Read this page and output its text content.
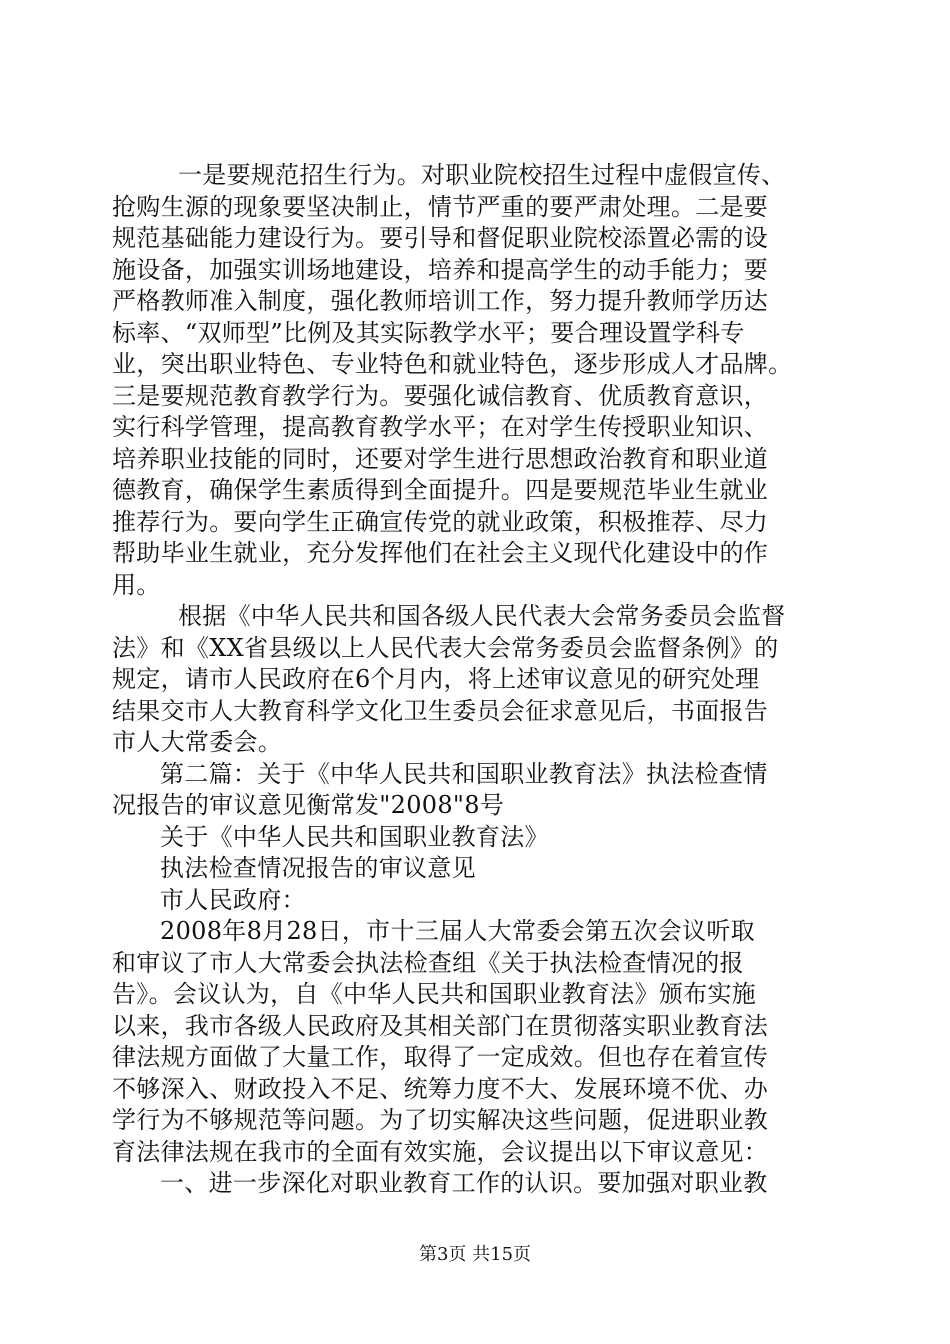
一是要规范招生行为。对职业院校招生过程中虚假宣传、
抢购生源的现象要坚决制止，情节严重的要严肃处理。二是要
规范基础能力建设行为。要引导和督促职业院校添置必需的设
施设备，加强实训场地建设，培养和提高学生的动手能力；要
严格教师准入制度，强化教师培训工作，努力提升教师学历达
标率、“双师型”比例及其实际教学水平；要合理设置学科专
业，突出职业特色、专业特色和就业特色，逐步形成人才品牌。
三是要规范教育教学行为。要强化诚信教育、优质教育意识，
实行科学管理，提高教育教学水平；在对学生传授职业知识、
培养职业技能的同时，还要对学生进行思想政治教育和职业道
德教育，确保学生素质得到全面提升。四是要规范毕业生就业
推荐行为。要向学生正确宣传党的就业政策，积极推荐、尽力
帮助毕业生就业，充分发挥他们在社会主义现代化建设中的作
用。
根据《中华人民共和国各级人民代表大会常务委员会监督
法》和《XX省县级以上人民代表大会常务委员会监督条例》的
规定，请市人民政府在6个月内，将上述审议意见的研究处理
结果交市人大教育科学文化卫生委员会征求意见后，书面报告
市人大常委会。
第二篇：关于《中华人民共和国职业教育法》执法检查情
况报告的审议意见衡常发"2008"8号
关于《中华人民共和国职业教育法》
执法检查情况报告的审议意见
市人民政府：
2008年8月28日，市十三届人大常委会第五次会议听取
和审议了市人大常委会执法检查组《关于执法检查情况的报
告》。会议认为，自《中华人民共和国职业教育法》颁布实施
以来，我市各级人民政府及其相关部门在贯彻落实职业教育法
律法规方面做了大量工作，取得了一定成效。但也存在着宣传
不够深入、财政投入不足、统筹力度不大、发展环境不优、办
学行为不够规范等问题。为了切实解决这些问题，促进职业教
育法律法规在我市的全面有效实施，会议提出以下审议意见：
一、进一步深化对职业教育工作的认识。要加强对职业教
第3页 共15页
